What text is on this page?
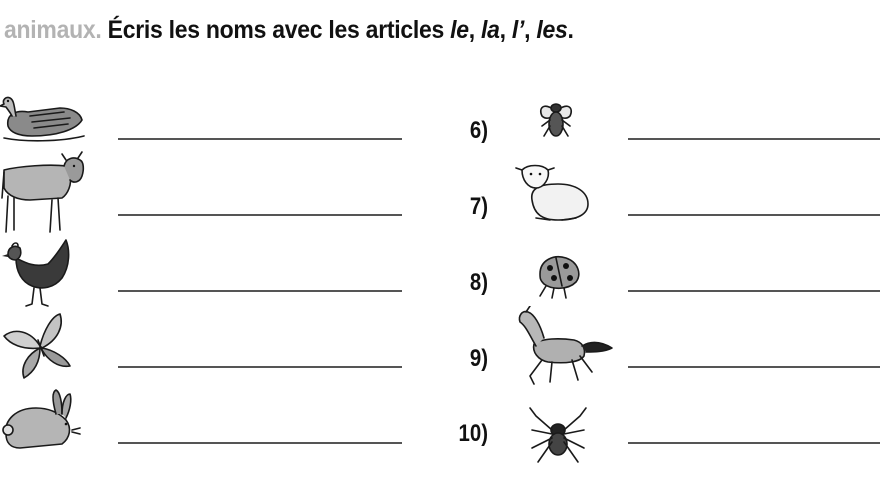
animaux. Écris les noms avec les articles le, la, l’, les.
6)
7)
8)
9)
10)
